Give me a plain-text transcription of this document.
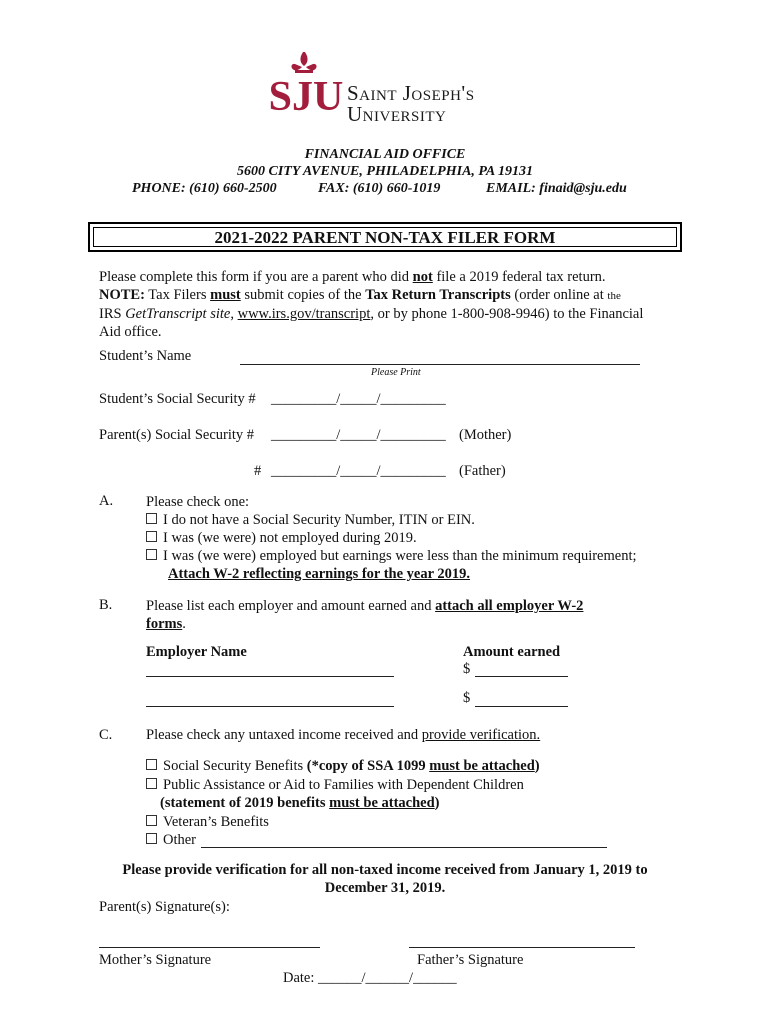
SJU Saint Joseph's
University
FINANCIAL AID OFFICE
5600 CITY AVENUE, PHILADELPHIA, PA 19131
PHONE: (610) 660-2500	FAX: (610) 660-1019	EMAIL: finaid@sju.edu
2021-2022 PARENT NON-TAX FILER FORM
Please complete this form if you are a parent who did not file a 2019 federal tax return.
NOTE: Tax Filers must submit copies of the Tax Return Transcripts (order online at the
IRS GetTranscript site, www.irs.gov/transcript, or by phone 1-800-908-9946) to the Financial
Aid office.
Student’s Name
Please Print
Student’s Social Security # _________/_____/_________
Parent(s) Social Security # _________/_____/_________ (Mother)
# _________/_____/_________ (Father)
A. Please check one:
I do not have a Social Security Number, ITIN or EIN.
I was (we were) not employed during 2019.
I was (we were) employed but earnings were less than the minimum requirement;
Attach W-2 reflecting earnings for the year 2019.
B. Please list each employer and amount earned and attach all employer W-2
forms.
Employer Name	Amount earned
$
$
C. Please check any untaxed income received and provide verification.
Social Security Benefits (*copy of SSA 1099 must be attached)
Public Assistance or Aid to Families with Dependent Children
(statement of 2019 benefits must be attached)
Veteran’s Benefits
Other
Please provide verification for all non-taxed income received from January 1, 2019 to
December 31, 2019.
Parent(s) Signature(s):
Mother’s Signature	Father’s Signature
Date: ______/______/______
